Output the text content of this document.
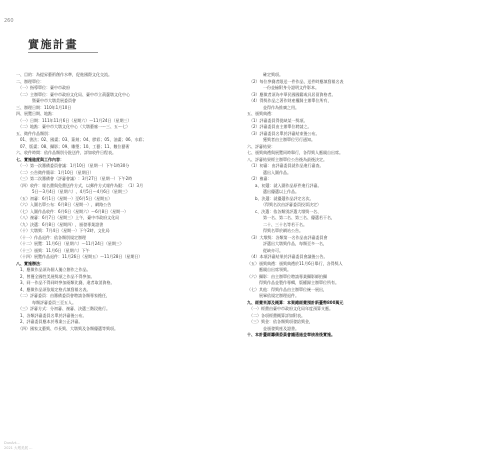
260
實施計畫
一、目的：為提昇藝術創作水準，促進國際文化交流。
二、辦理單位：
　（一）指導單位：臺中市政府
　（二）主辦單位：臺中市政府文化局、臺中市立葫蘆墩文化中心
　　　　暨臺中市大墩美展委員會
三、辦理日期：110年1月10日
四、展覽日期、地點：
　（一）日期：111年11月6日（星期六）～11月24日（星期三）
　（二）地點：臺中市大墩文化中心（大墩藝廊一～三、五～七）
五、徵件作品類別：
　01、書法；02、國畫；03、篆刻；04、膠彩；05、油畫；06、水彩；
　07、版畫；08、攝影；09、雕塑；10、工藝；11、數位藝術
六、收件時間：依作品類別分批送件，詳如收件日程表。
七、實施進度與工作內容：
　（一）第一次籌備委員會議：1月10日（星期一）下午1時30分
　（二）公告徵件簡章：1月10日（星期日）
　（三）第二次籌備會（評審會議）：3月27日（星期一）下午2時
　（四）收件：報名費與免費送件方式，以郵件方式報件為限：（1）3月
　　　　5日～3月4日（星期六）、4月5日～4月6日（星期三）
　（五）初審：6月1日（星期一）至6月5日（星期五）
　（六）入圍名單公布：6月8日（星期一），網路公告
　（七）入圍作品收件：6月6日（星期六）～6月8日（星期一）
　（八）複審：6月7日（星期三）上午，臺中市政府文化局
　（九）決選：6月8日（星期四），頒發專業證書
　（十）大墩獎：7月4日（星期一）下午2時，文化局
　（十一）作品退件：依各類別規定辦理
　（十二）展覽：11月6日（星期六）～11月24日（星期三）
　（十三）頒獎：11月6日（星期六）下午
　（十四）展覽作品退件：11月26日（星期五）～11月28日（星期日）
八、實施辦法：
　1、應徵作品須為個人獨立創作之作品。
　2、曾獲全國性美展獎項之作品不得參加。
　3、同一作品不得同時參加兩類比賽，違者取消資格。
　4、應徵作品須依規定格式填寫報名表。
　（二）評審委員：由籌備委員會聘請各類專家擔任，
　　　　每類評審委員三至五人。
　（三）評審方式：分初審、複審、決選三階段進行。
　1、各類評審委員名單於評審後公布。
　2、評審委員應本於專業公正評審。
　（四）國家文藝獎、市長獎、大墩獎及各類優選等獎項。
　　　　確定獎項。
　（2）每位參賽者限送一件作品，送件時應填寫報名表
　　　　一份並檢附身分證明文件影本。
　（3）應徵者須為中華民國國籍或具居留資格者。
　（4）得獎作品之著作財產權歸主辦單位所有，
　　　　並得作為推廣之用。
五、頒獎典禮：
　（1）評審委員得從缺某一獎項。
　（2）評審委員由主辦單位聘請之。
　（3）評審委員名單於評審結束後公布。
　　　　獲獎者由主辦單位另行通知。
六、評審結果：
七、頒獎典禮與展覽同時舉行，各得獎人應親自出席。
八、評審結果經主辦單位公告後為最後決定。
　（1）初審：由評審委員就作品進行審查。
　　　　選出入圍作品。
　（2）複審：
　　a、初選：就入圍作品原件進行評審。
　　　　選出優選以上作品。
　　b、決選：就優選作品評定名次。
　　　　（得獎名次由評審委員投票決定）
　　c、決選：依各類別評選大墩獎一名、
　　　　第一名、第二名、第三名、優選若干名，
　　　　二十、三十名等若干名。
　　　　得獎名單於網站公告。
　（3）大墩獎：各類第一名作品由評審委員會
　　　　評選出大墩獎作品，每類至多一名，
　　　　從缺亦可。
　（4）本項評審結果於評審委員會議後公告。
（五）頒獎典禮：頒獎典禮於11月6日舉行，各得獎人
　　　應親自出席領獎。
（六）攝影：由主辦單位聘請專業攝影師拍攝
　　　得獎作品並製作專輯，版權歸主辦單位所有。
（七）其他：得獎作品由主辦單位統一展出，
　　　展畢依規定辦理退件。
九、經費來源及概算：本案總經費預計新臺幣800萬元
　（一）經費由臺中市政府文化局年度預算支應。
　（二）各項經費概算詳如附表。
　（三）獎金：依各類獎項發給獎金，
　　　　並頒發獎座及證書。
十、本計畫經籌備委員會議通過並奉核准後實施。
DunArt...
2021 大墩美展 ...
